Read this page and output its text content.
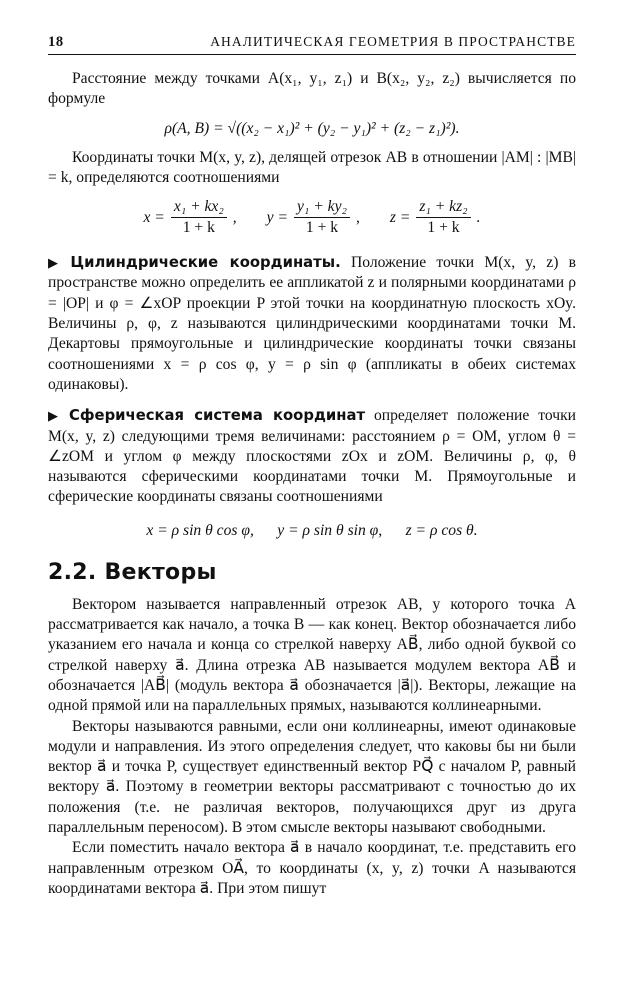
18	АНАЛИТИЧЕСКАЯ ГЕОМЕТРИЯ В ПРОСТРАНСТВЕ

Расстояние между точками A(x₁, y₁, z₁) и B(x₂, y₂, z₂) вычисляется по формуле

ρ(A, B) = √((x₂ − x₁)² + (y₂ − y₁)² + (z₂ − z₁)²).

Координаты точки M(x, y, z), делящей отрезок AB в отношении |AM| : |MB| = k, определяются соотношениями

$x = \frac{\text{x₁ + kx₂}}{1 + k}$ , $y = \frac{\text{y₁ + ky₂}}{1 + k}$ , $z = \frac{\text{z₁ + kz₂}}{1 + k}$ .

▶ Цилиндрические координаты. Положение точки M(x, y, z) в пространстве можно определить ее аппликатой z и полярными координатами ρ = |OP| и φ = ∠xOP проекции P этой точки на координатную плоскость xOy. Величины ρ, φ, z называются цилиндрическими координатами точки M. Декартовы прямоугольные и цилиндрические координаты точки связаны соотношениями x = ρ cos φ, y = ρ sin φ (аппликаты в обеих системах одинаковы).

▶ Сферическая система координат определяет положение точки M(x, y, z) следующими тремя величинами: расстоянием ρ = OM, углом θ = ∠zOM и углом φ между плоскостями zOx и zOM. Величины ρ, φ, θ называются сферическими координатами точки M. Прямоугольные и сферические координаты связаны соотношениями

x = ρ sin θ cos φ,      y = ρ sin θ sin φ,      z = ρ cos θ.
2.2. Векторы

Вектором называется направленный отрезок AB, у которого точка A рассматривается как начало, а точка B — как конец. Вектор обозначается либо указанием его начала и конца со стрелкой наверху AB⃗, либо одной буквой со стрелкой наверху a⃗. Длина отрезка AB называется модулем вектора AB⃗ и обозначается |AB⃗| (модуль вектора a⃗ обозначается |a⃗|). Векторы, лежащие на одной прямой или на параллельных прямых, называются коллинеарными.

Векторы называются равными, если они коллинеарны, имеют одинаковые модули и направления. Из этого определения следует, что каковы бы ни были вектор a⃗ и точка P, существует единственный вектор PQ⃗ с началом P, равный вектору a⃗. Поэтому в геометрии векторы рассматривают с точностью до их положения (т.е. не различая векторов, получающихся друг из друга параллельным переносом). В этом смысле векторы называют свободными.

Если поместить начало вектора a⃗ в начало координат, т.е. представить его направленным отрезком OA⃗, то координаты (x, y, z) точки A называются координатами вектора a⃗. При этом пишут
